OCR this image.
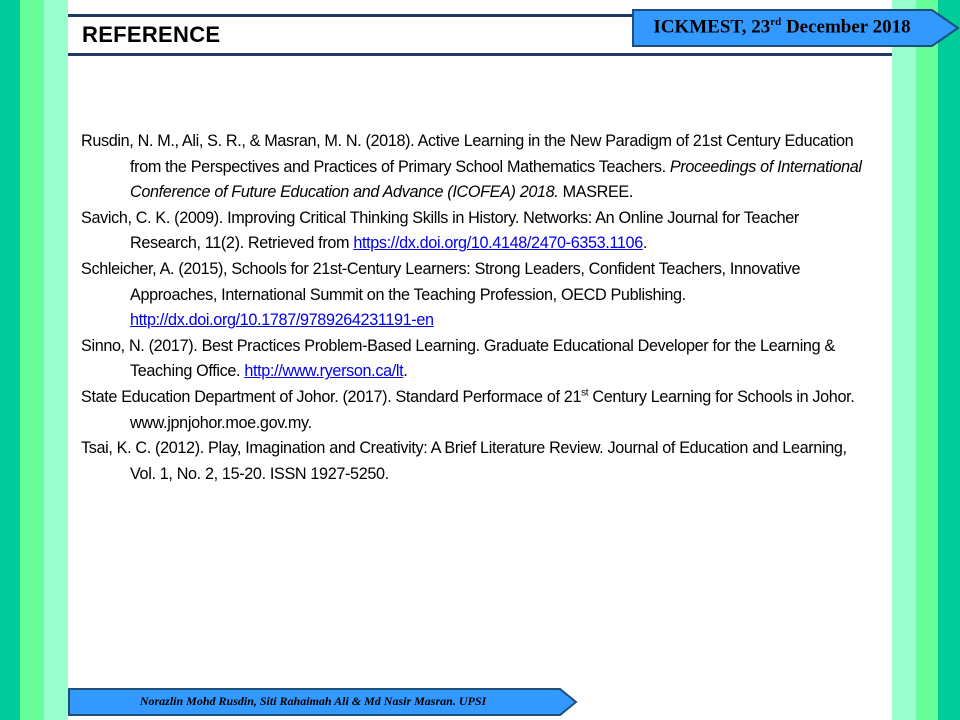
REFERENCE	ICKMEST, 23rd December 2018

Rusdin, N. M., Ali, S. R., & Masran, M. N. (2018). Active Learning in the New Paradigm of 21st Century Education from the Perspectives and Practices of Primary School Mathematics Teachers. Proceedings of International Conference of Future Education and Advance (ICOFEA) 2018. MASREE.

Savich, C. K. (2009). Improving Critical Thinking Skills in History. Networks: An Online Journal for Teacher Research, 11(2). Retrieved from https://dx.doi.org/10.4148/2470-6353.1106.

Schleicher, A. (2015), Schools for 21st-Century Learners: Strong Leaders, Confident Teachers, Innovative Approaches, International Summit on the Teaching Profession, OECD Publishing. http://dx.doi.org/10.1787/9789264231191-en

Sinno, N. (2017). Best Practices Problem-Based Learning. Graduate Educational Developer for the Learning & Teaching Office. http://www.ryerson.ca/lt.

State Education Department of Johor. (2017). Standard Performace of 21st Century Learning for Schools in Johor. www.jpnjohor.moe.gov.my.

Tsai, K. C. (2012). Play, Imagination and Creativity: A Brief Literature Review. Journal of Education and Learning, Vol. 1, No. 2, 15-20. ISSN 1927-5250.

Norazlin Mohd Rusdin, Siti Rahaimah Ali & Md Nasir Masran. UPSI
